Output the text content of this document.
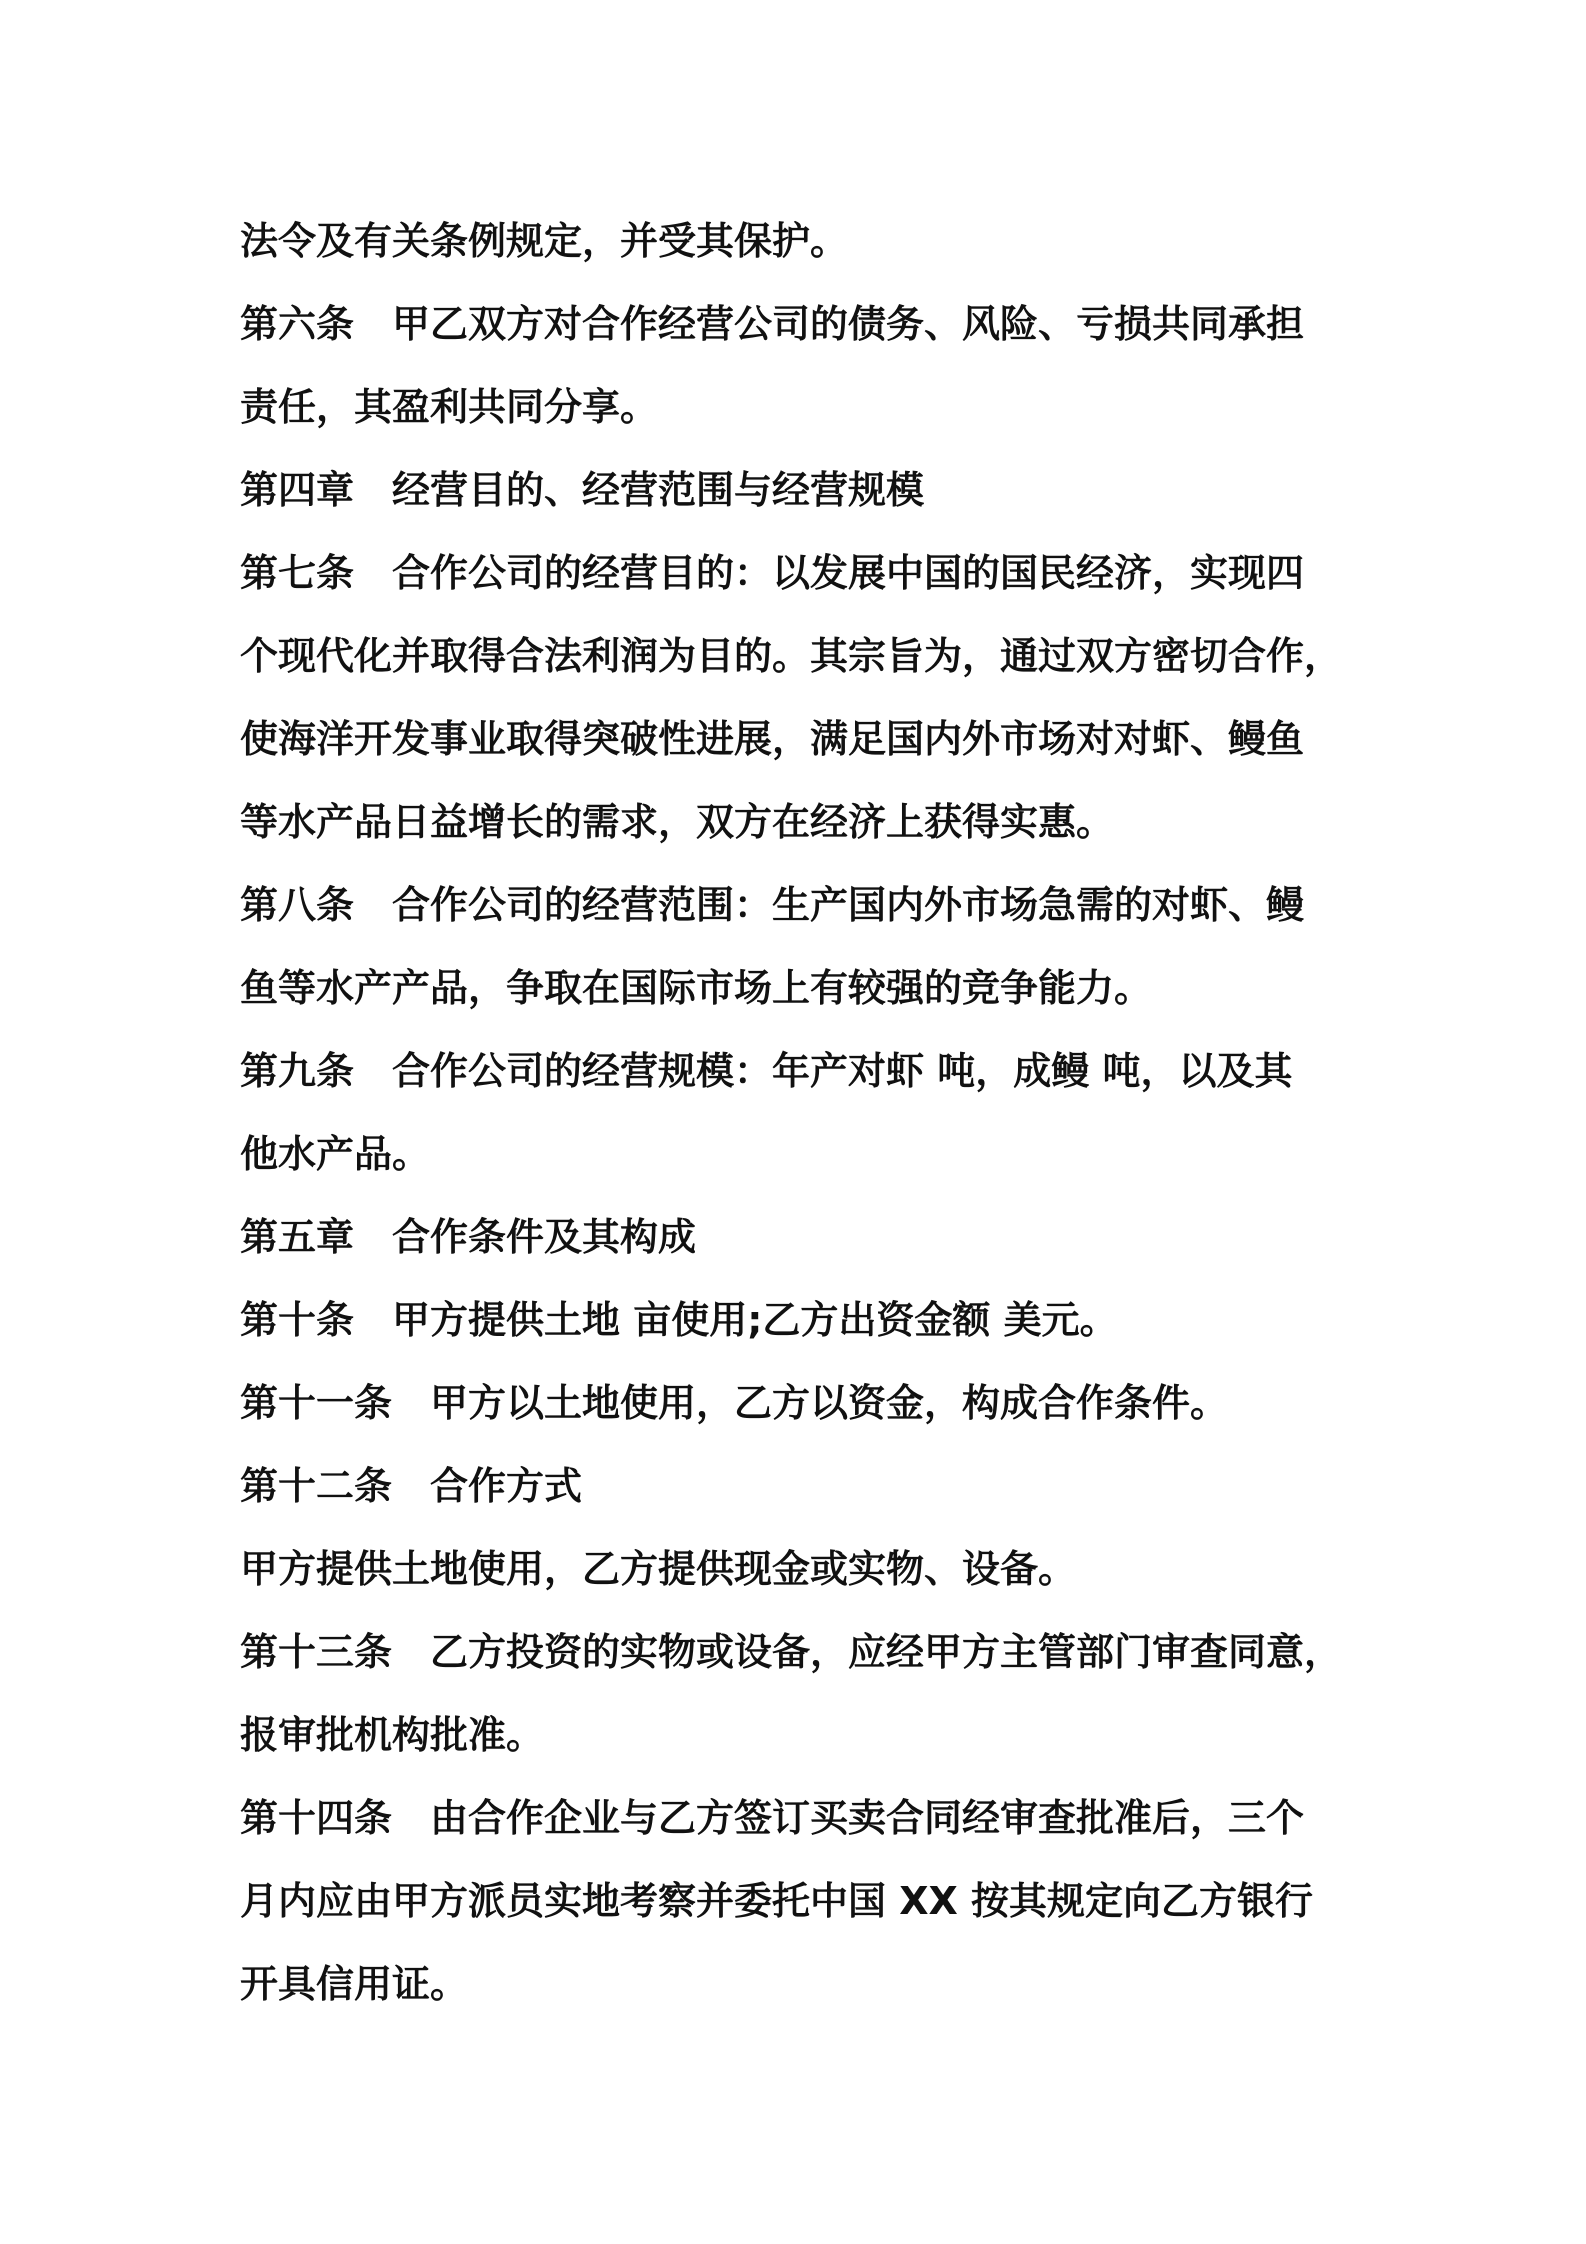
法令及有关条例规定，并受其保护。
第六条　甲乙双方对合作经营公司的债务、风险、亏损共同承担
责任，其盈利共同分享。
第四章　经营目的、经营范围与经营规模
第七条　合作公司的经营目的：以发展中国的国民经济，实现四
个现代化并取得合法利润为目的。其宗旨为，通过双方密切合作，
使海洋开发事业取得突破性进展，满足国内外市场对对虾、鳗鱼
等水产品日益增长的需求，双方在经济上获得实惠。
第八条　合作公司的经营范围：生产国内外市场急需的对虾、鳗
鱼等水产产品，争取在国际市场上有较强的竞争能力。
第九条　合作公司的经营规模：年产对虾 吨，成鳗 吨，以及其
他水产品。
第五章　合作条件及其构成
第十条　甲方提供土地 亩使用;乙方出资金额 美元。
第十一条　甲方以土地使用，乙方以资金，构成合作条件。
第十二条　合作方式
甲方提供土地使用，乙方提供现金或实物、设备。
第十三条　乙方投资的实物或设备，应经甲方主管部门审查同意，
报审批机构批准。
第十四条　由合作企业与乙方签订买卖合同经审查批准后，三个
月内应由甲方派员实地考察并委托中国 XX 按其规定向乙方银行
开具信用证。
